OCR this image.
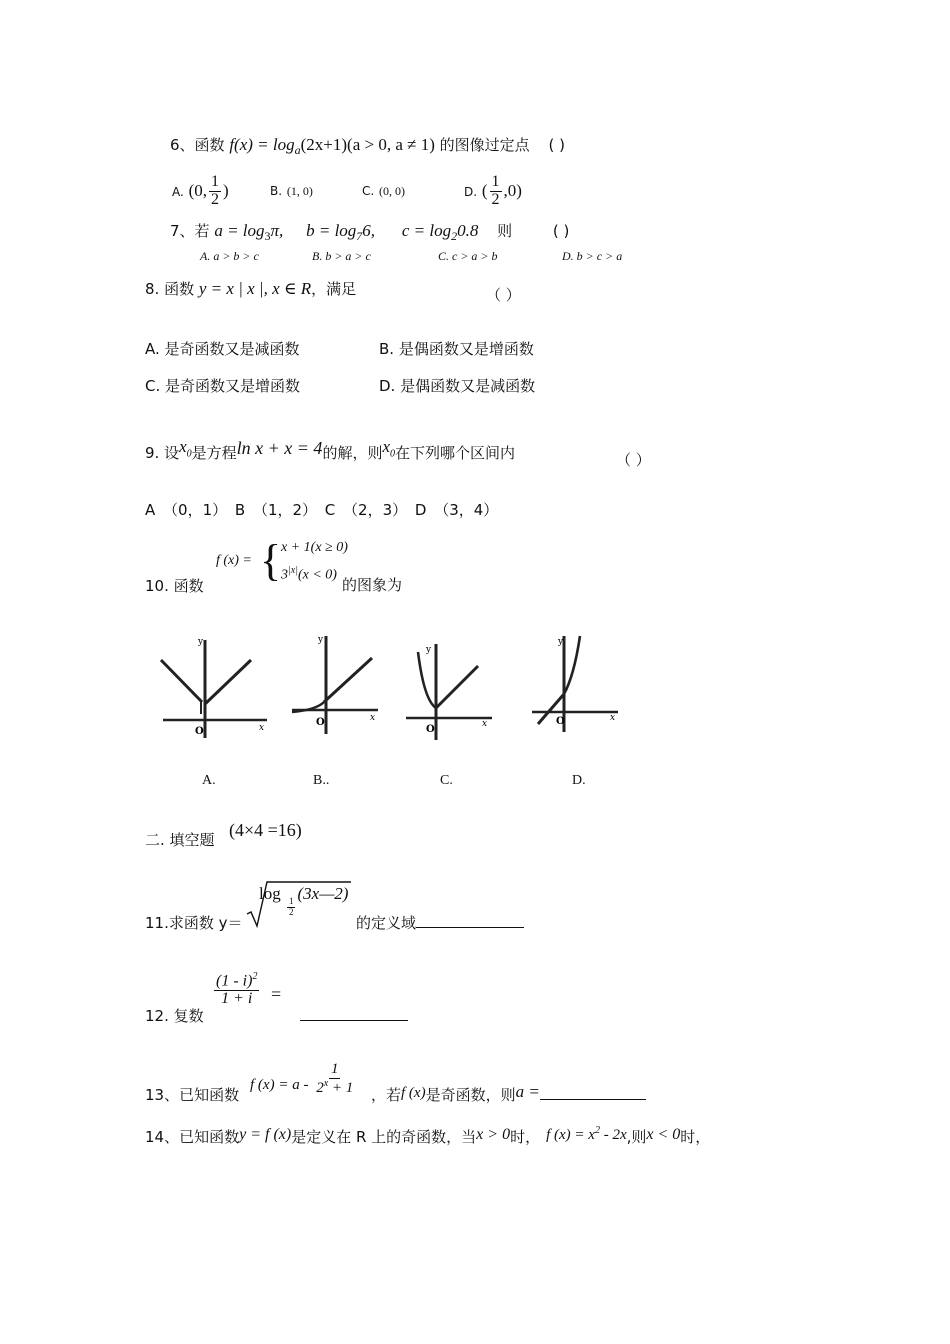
6、函数 $f(x) = \log_a(2x+1)(a > 0$, a ≠ 1) 的图像过定点 ( )
A. (0, $\frac{1}{2}$ )	B. (1, 0)	C. (0, 0)	D. ( $\frac{1}{2} ,0$)
7、若 $a = \log_3\pi$, $b = \log_76$, $c = \log_20.8$ 则	( )
A. a > b > c	B. b > a > c	C. c > a > b	D. b > c > a
8. 函数 y = x | x |, x ∈ R，满足	（ ）
A. 是奇函数又是减函数	B. 是偶函数又是增函数
C. 是奇函数又是增函数	D. 是偶函数又是减函数
9. 设$x_0$是方程ln x + x = 4的解，则$x_0$在下列哪个区间内	（ ）
A （0，1） B （1，2） C （2，3） D （3，4）
f (x) = { x + 1(x ≥ 0)
$3^{|x|}(x < 0)$
10. 函数	的图象为
y
x
O
y
x
O
y
x
O
y
x
O
A.	B..	C.	D.
二. 填空题 (4×4 =16)
11.求函数 y＝
log
$\frac{1}{2}$
(3x—2)
的定义域
12. 复数
$\frac{(1 - i)^2}{1 + i}$ =
13、已知函数
f $(x) = a - \frac{1}{2^x + 1}$ ，若f (x)是奇函数，则a =
14、已知函数y = f (x)是定义在 R 上的奇函数，当x > 0时， f $(x) = x^2 - 2x$,则x < 0时，
